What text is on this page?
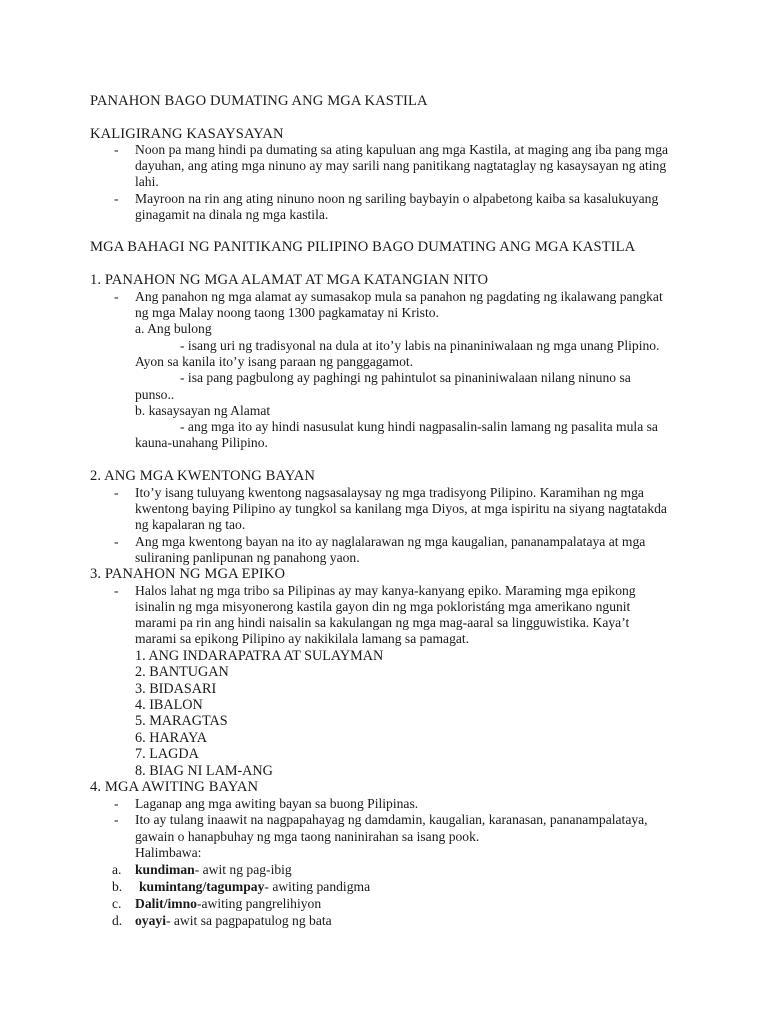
PANAHON BAGO DUMATING ANG MGA KASTILA
KALIGIRANG KASAYSAYAN
- Noon pa mang hindi pa dumating sa ating kapuluan ang mga Kastila, at maging ang iba pang mga
dayuhan, ang ating mga ninuno ay may sarili nang panitikang nagtataglay ng kasaysayan ng ating
lahi.
- Mayroon na rin ang ating ninuno noon ng sariling baybayin o alpabetong kaiba sa kasalukuyang
ginagamit na dinala ng mga kastila.
MGA BAHAGI NG PANITIKANG PILIPINO BAGO DUMATING ANG MGA KASTILA
1. PANAHON NG MGA ALAMAT AT MGA KATANGIAN NITO
- Ang panahon ng mga alamat ay sumasakop mula sa panahon ng pagdating ng ikalawang pangkat
ng mga Malay noong taong 1300 pagkamatay ni Kristo.
a. Ang bulong
- isang uri ng tradisyonal na dula at ito’y labis na pinaniniwalaan ng mga unang Plipino.
Ayon sa kanila ito’y isang paraan ng panggagamot.
- isa pang pagbulong ay paghingi ng pahintulot sa pinaniniwalaan nilang ninuno sa
punso..
b. kasaysayan ng Alamat
- ang mga ito ay hindi nasusulat kung hindi nagpasalin-salin lamang ng pasalita mula sa
kauna-unahang Pilipino.
2. ANG MGA KWENTONG BAYAN
- Ito’y isang tuluyang kwentong nagsasalaysay ng mga tradisyong Pilipino. Karamihan ng mga
kwentong baying Pilipino ay tungkol sa kanilang mga Diyos, at mga ispiritu na siyang nagtatakda
ng kapalaran ng tao.
- Ang mga kwentong bayan na ito ay naglalarawan ng mga kaugalian, pananampalataya at mga
suliraning panlipunan ng panahong yaon.
3. PANAHON NG MGA EPIKO
- Halos lahat ng mga tribo sa Pilipinas ay may kanya-kanyang epiko. Maraming mga epikong
isinalin ng mga misyonerong kastila gayon din ng mga pokloristáng mga amerikano ngunit
marami pa rin ang hindi naisalin sa kakulangan ng mga mag-aaral sa lingguwistika. Kaya’t
marami sa epikong Pilipino ay nakikilala lamang sa pamagat.
1. ANG INDARAPATRA AT SULAYMAN
2. BANTUGAN
3. BIDASARI
4. IBALON
5. MARAGTAS
6. HARAYA
7. LAGDA
8. BIAG NI LAM-ANG
4. MGA AWITING BAYAN
- Laganap ang mga awiting bayan sa buong Pilipinas.
- Ito ay tulang inaawit na nagpapahayag ng damdamin, kaugalian, karanasan, pananampalataya,
gawain o hanapbuhay ng mga taong naninirahan sa isang pook.
Halimbawa:
a. kundiman- awit ng pag-ibig
b. kumintang/tagumpay- awiting pandigma
c. Dalit/imno-awiting pangrelihiyon
d. oyayi- awit sa pagpapatulog ng bata
